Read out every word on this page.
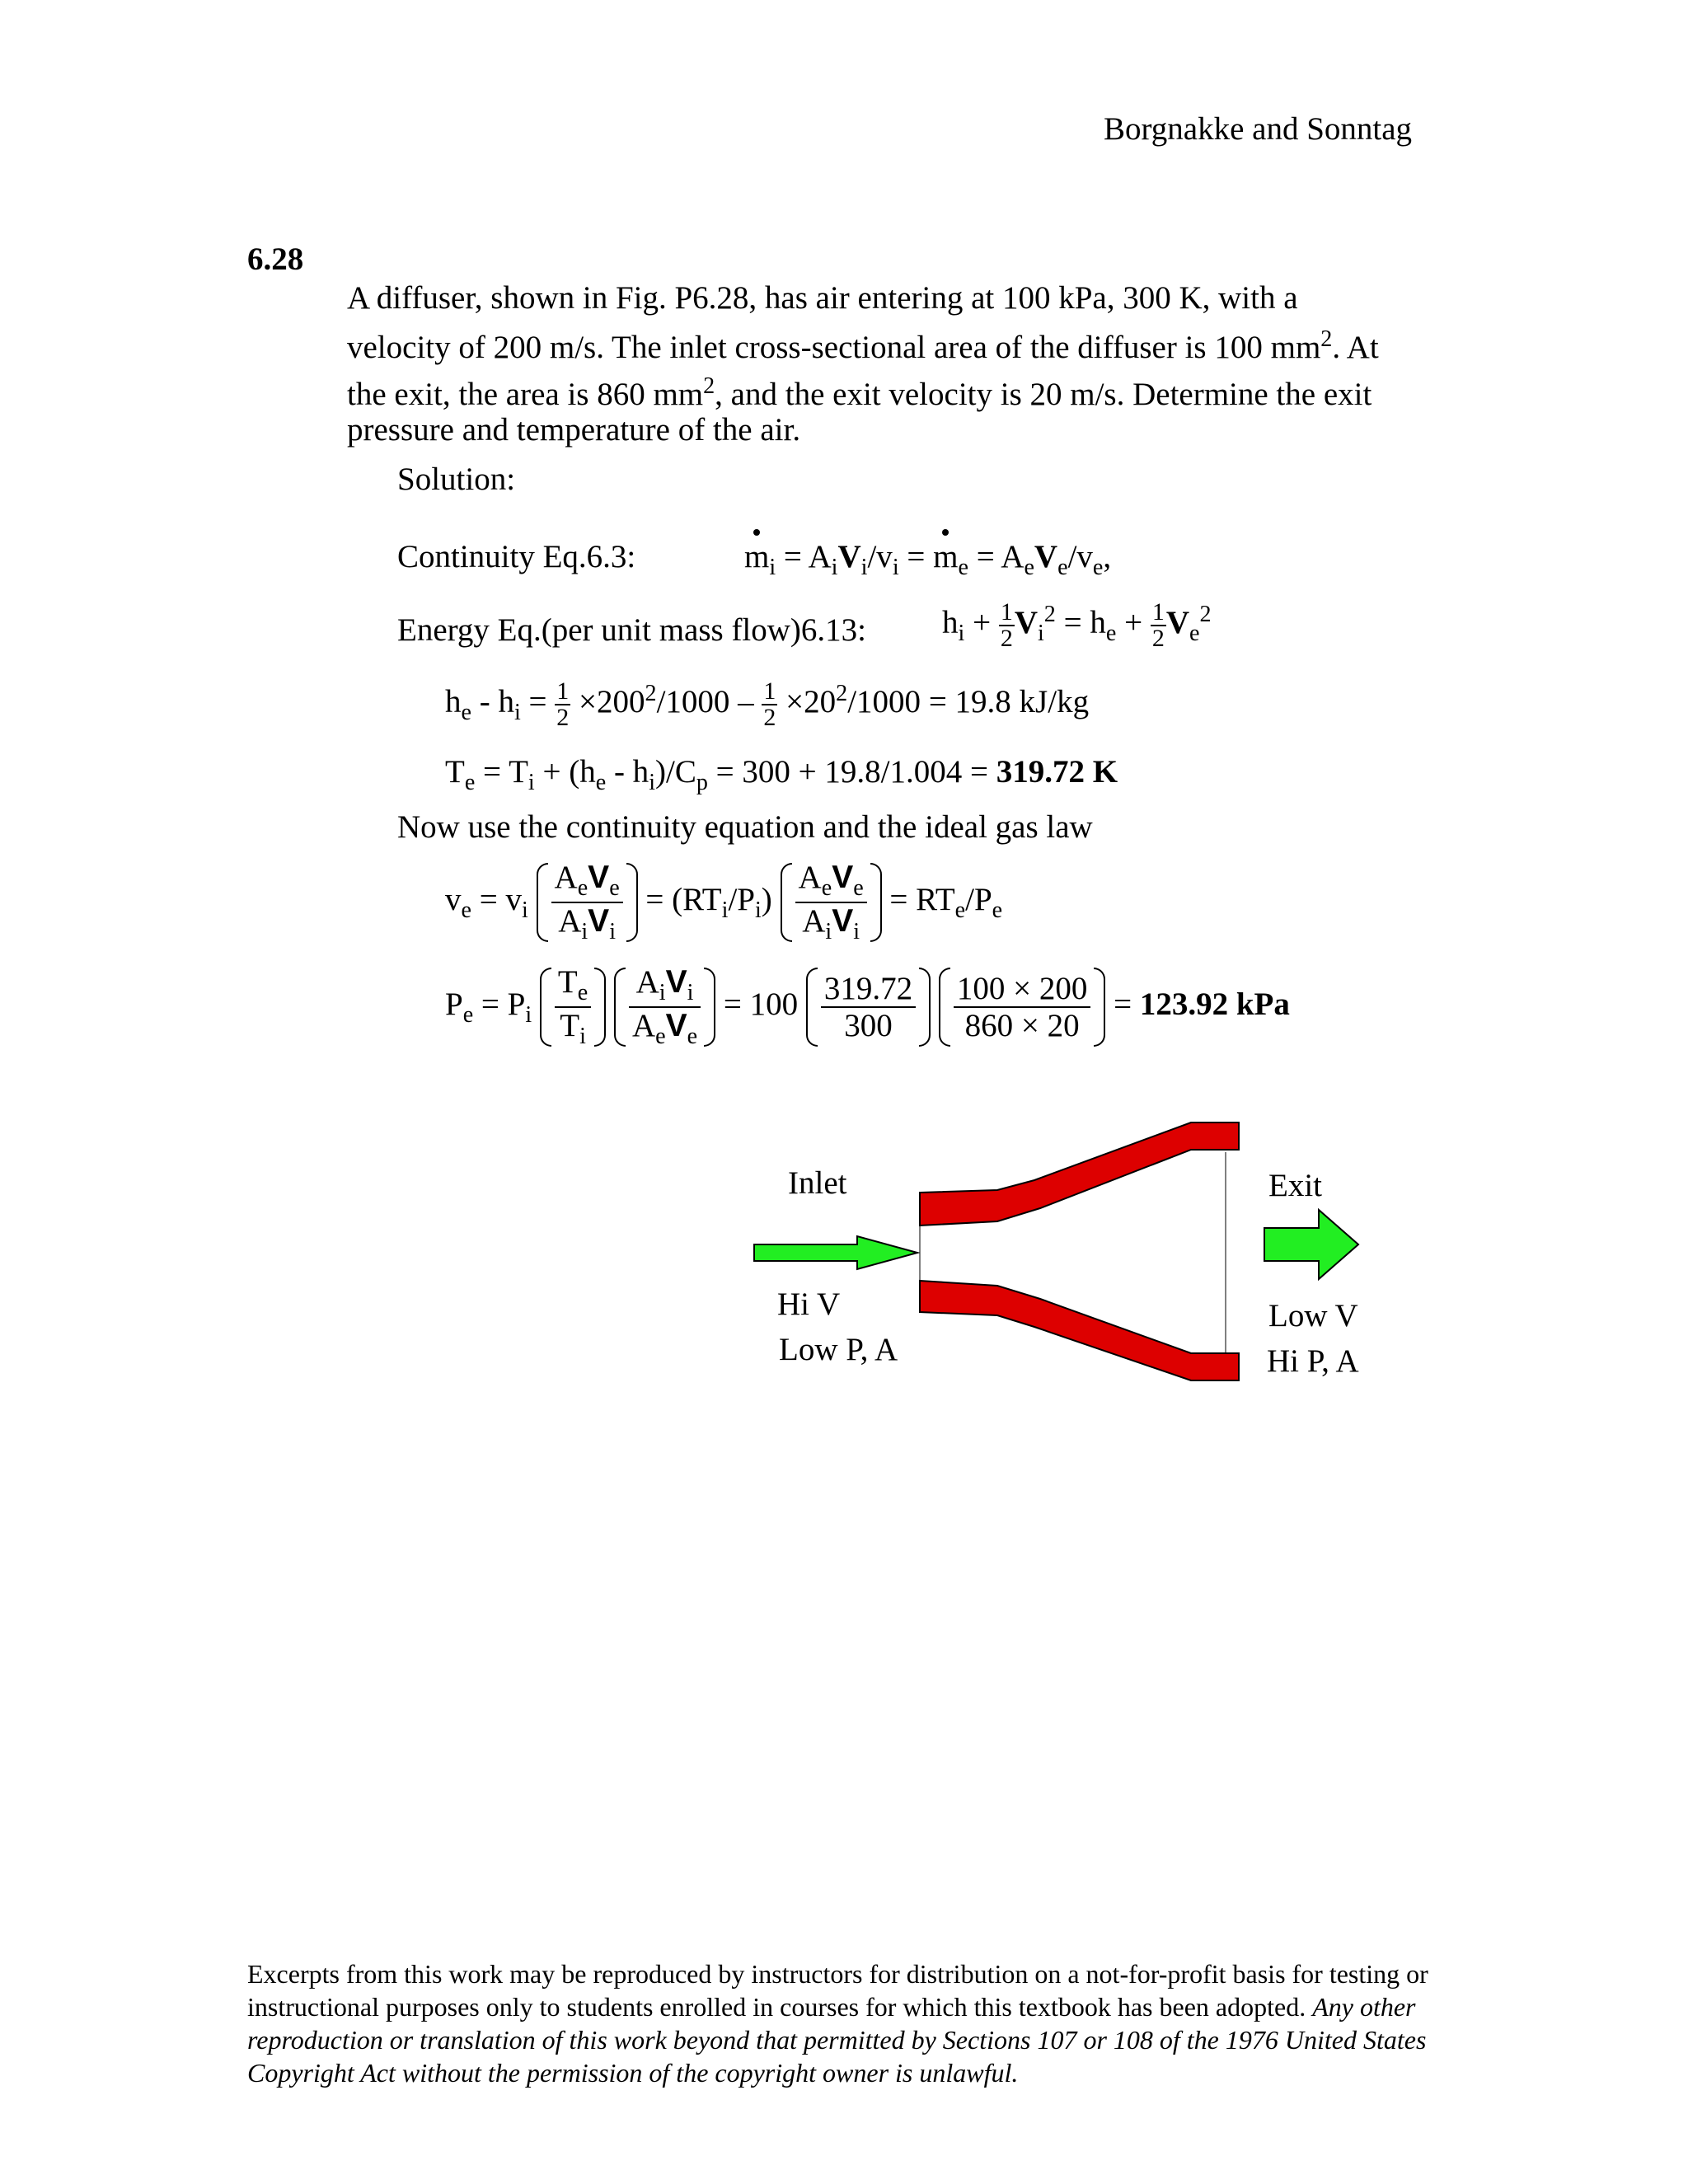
Borgnakke and Sonntag
6.28
A diffuser, shown in Fig. P6.28, has air entering at 100 kPa, 300 K, with a
velocity of 200 m/s. The inlet cross-sectional area of the diffuser is 100 $mm^2$. At
the exit, the area is 860 $mm^2$, and the exit velocity is 20 m/s. Determine the exit
pressure and temperature of the air.
Solution:
Continuity Eq.6.3:	$m_i = A_iV_i/v_i = m_e = A_eV_e/v_e$,
Energy Eq.(per unit mass flow)6.13: $h_i + \frac{1}{2} V_i^2 = h_e + \frac{1}{2} V_e^2$
$h_e - h_i = \frac{1}{2} \times 200^2/1000 - \frac{1}{2} \times 20^2/1000 = 19.8$ kJ/kg
$T_e = T_i + (h_e - h_i)/C_p = 300 + 19.8/1.004 = 319.72$ K
Now use the continuity equation and the ideal gas law
$v_e = v_i$
$A_eV_e$
$A_iV_i$
= $(RT_i/P_i)$
$A_eV_e$
$A_iV_i$
= $RT_e/P_e$
$P_e = P_i$
$T_e$
$T_i$

$A_iV_i$
$A_eV_e$
= 100 319.72
300

100 × 200
860 × 20
= 123.92 kPa
Inlet
Hi V
Low P, A
Exit
Low V
Hi P, A
Excerpts from this work may be reproduced by instructors for distribution on a not-for-profit basis for testing or instructional purposes only to students enrolled in courses for which this textbook has been adopted. Any other reproduction or translation of this work beyond that permitted by Sections 107 or 108 of the 1976 United States Copyright Act without the permission of the copyright owner is unlawful.
